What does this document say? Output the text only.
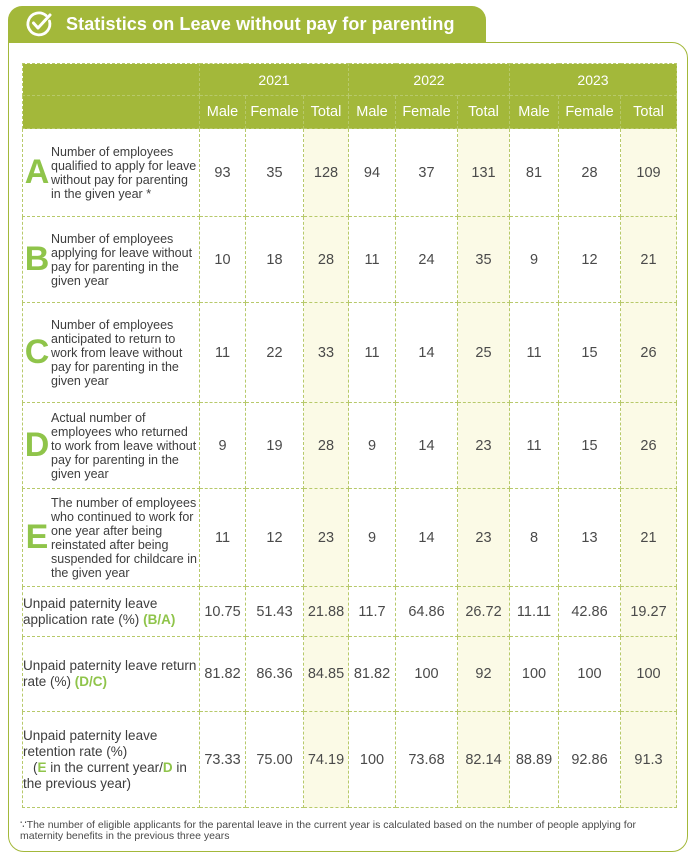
Statistics on Leave without pay for parenting
	2021			2022			2023		
	Male	Female	Total	Male	Female	Total	Male	Female	Total

A
Number of employees qualified to apply for leave without pay for parenting in the given year *	93	35	128	94	37	131	81	28	109

B
Number of employees applying for leave without pay for parenting in the given year	10	18	28	11	24	35	9	12	21

C
Number of employees anticipated to return to work from leave without pay for parenting in the given year	11	22	33	11	14	25	11	15	26

D
Actual number of employees who returned to work from leave without pay for parenting in the given year	9	19	28	9	14	23	11	15	26

E
The number of employees who continued to work for one year after being reinstated after being suspended for childcare in the given year	11	12	23	9	14	23	8	13	21
Unpaid paternity leave application rate (%) (B/A)	10.75	51.43	21.88	11.7	64.86	26.72	11.11	42.86	19.27
Unpaid paternity leave return rate (%) (D/C)	81.82	86.36	84.85	81.82	100	92	100	100	100
Unpaid paternity leave retention rate (%)
(E in the current year/D in the previous year)	73.33	75.00	74.19	100	73.68	82.14	88.89	92.86	91.3
∵The number of eligible applicants for the parental leave in the current year is calculated based on the number of people applying for maternity benefits in the previous three years
